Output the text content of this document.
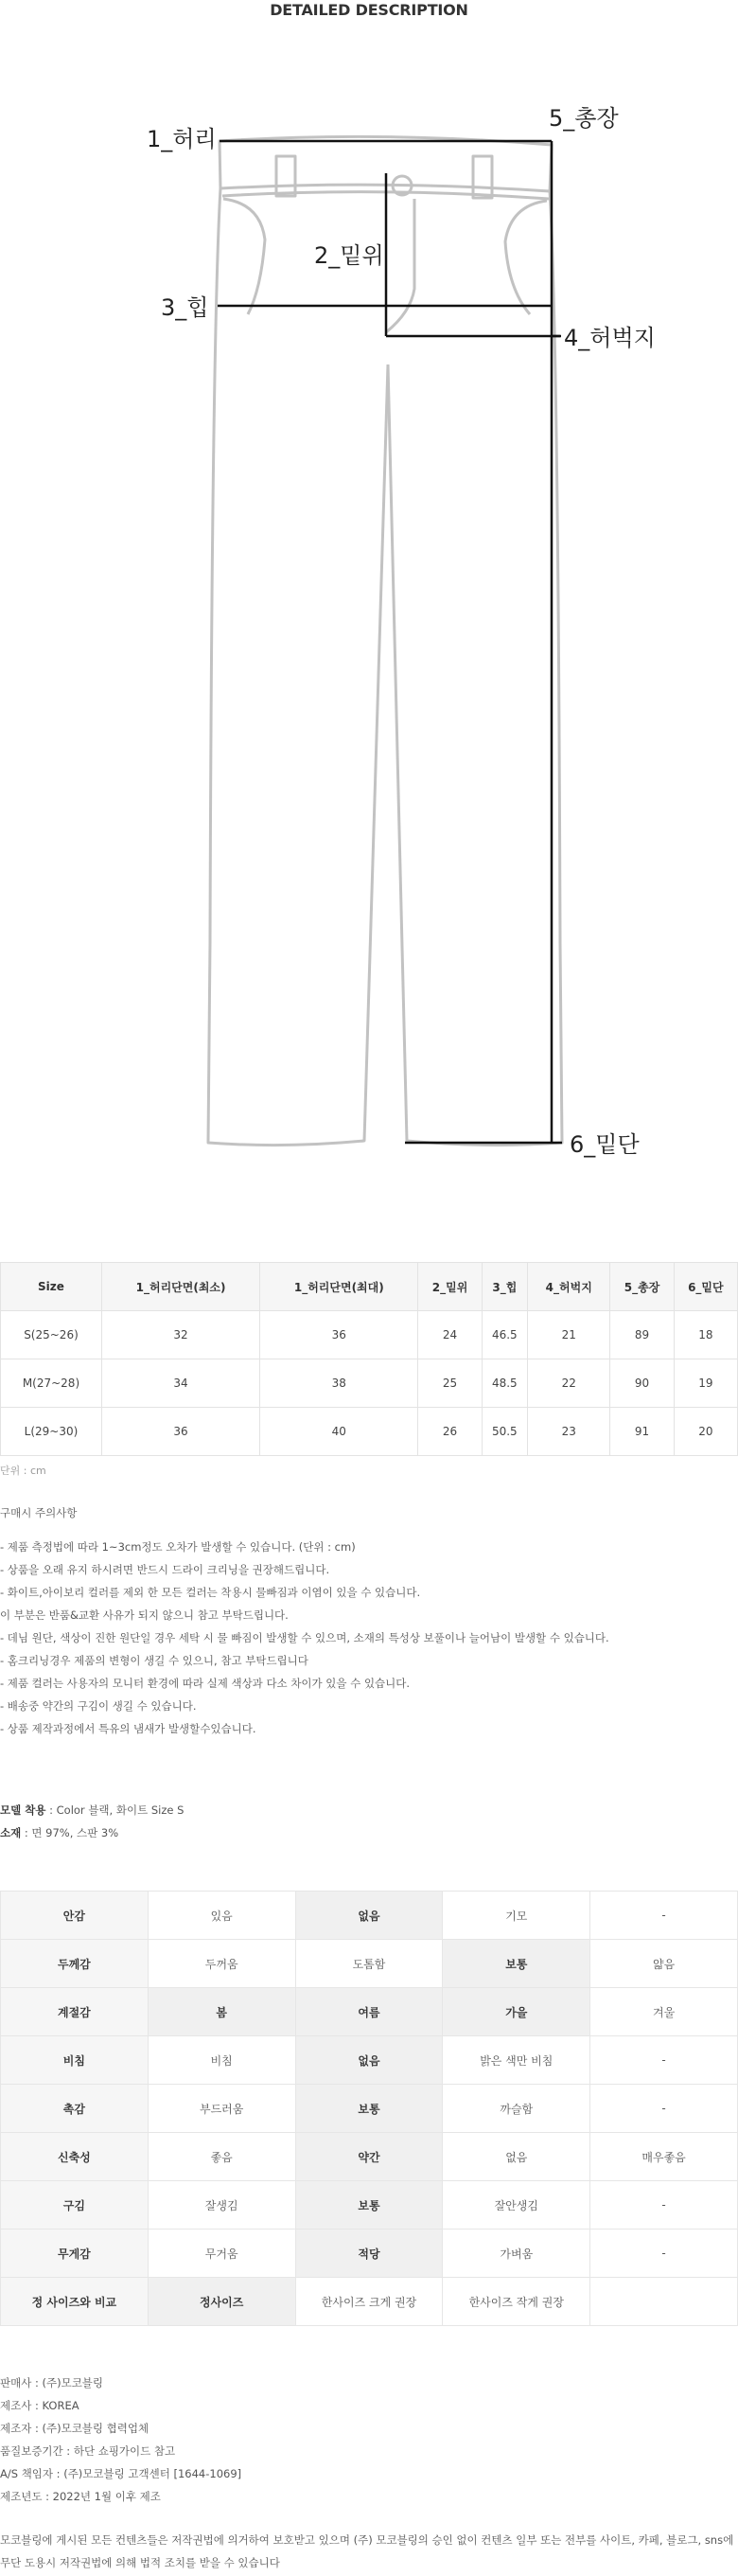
DETAILED DESCRIPTION
1_허리
5_총장
2_밑위
3_힙
4_허벅지
6_밑단
Size	1_허리단면(최소)	1_허리단면(최대)	2_밑위	3_힙	4_허벅지	5_총장	6_밑단
S(25~26)	32	36	24	46.5	21	89	18
M(27~28)	34	38	25	48.5	22	90	19
L(29~30)	36	40	26	50.5	23	91	20
단위 : cm
구매시 주의사항

- 제품 측정법에 따라 1~3cm정도 오차가 발생할 수 있습니다. (단위 : cm)

- 상품을 오래 유지 하시려면 반드시 드라이 크리닝을 권장해드립니다.

- 화이트,아이보리 컬러를 제외 한 모든 컬러는 착용시 물빠짐과 이염이 있을 수 있습니다.

이 부분은 반품&교환 사유가 되지 않으니 참고 부탁드립니다.

- 데님 원단, 색상이 진한 원단일 경우 세탁 시 물 빠짐이 발생할 수 있으며, 소재의 특성상 보풀이나 늘어남이 발생할 수 있습니다.

- 홈크리닝경우 제품의 변형이 생길 수 있으니, 참고 부탁드립니다

- 제품 컬러는 사용자의 모니터 환경에 따라 실제 색상과 다소 차이가 있을 수 있습니다.

- 배송중 약간의 구김이 생길 수 있습니다.

- 상품 제작과정에서 특유의 냄새가 발생할수있습니다.

모델 착용 : Color 블랙, 화이트 Size S

소재 : 면 97%, 스판 3%

안감	있음	없음	기모	-
두께감	두꺼움	도톰함	보통	얇음
계절감	봄	여름	가을	겨울
비침	비침	없음	밝은 색만 비침	-
촉감	부드러움	보통	까슬함	-
신축성	좋음	약간	없음	매우좋음
구김	잘생김	보통	잘안생김	-
무게감	무거움	적당	가벼움	-
정 사이즈와 비교	정사이즈	한사이즈 크게 권장	한사이즈 작게 권장	

판매사 : (주)모코블링

제조사 : KOREA

제조자 : (주)모코블링 협력업체

품질보증기간 : 하단 쇼핑가이드 참고

A/S 책임자 : (주)모코블링 고객센터 [1644-1069]

제조년도 : 2022년 1월 이후 제조

모코블링에 게시된 모든 컨텐츠들은 저작권법에 의거하여 보호받고 있으며 (주) 모코블링의 승인 없이 컨텐츠 일부 또는 전부를 사이트, 카페, 블로그, sns에

무단 도용시 저작권법에 의해 법적 조치를 받을 수 있습니다
